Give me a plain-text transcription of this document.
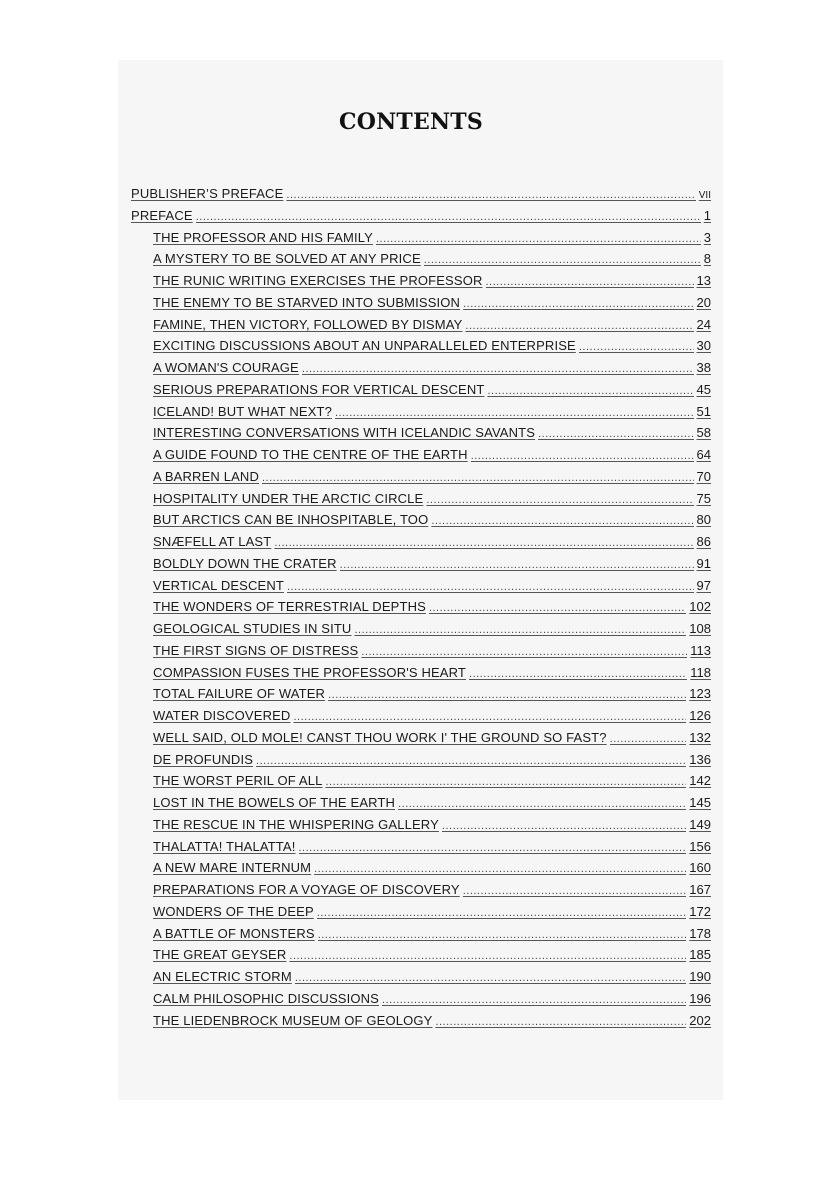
CONTENTS
PUBLISHER’S PREFACE .....	VII
PREFACE .....	1
THE PROFESSOR AND HIS FAMILY .....	3
A MYSTERY TO BE SOLVED AT ANY PRICE .....	8
THE RUNIC WRITING EXERCISES THE PROFESSOR .....	13
THE ENEMY TO BE STARVED INTO SUBMISSION .....	20
FAMINE, THEN VICTORY, FOLLOWED BY DISMAY .....	24
EXCITING DISCUSSIONS ABOUT AN UNPARALLELED ENTERPRISE .....	30
A WOMAN'S COURAGE .....	38
SERIOUS PREPARATIONS FOR VERTICAL DESCENT .....	45
ICELAND! BUT WHAT NEXT? .....	51
INTERESTING CONVERSATIONS WITH ICELANDIC SAVANTS .....	58
A GUIDE FOUND TO THE CENTRE OF THE EARTH .....	64
A BARREN LAND .....	70
HOSPITALITY UNDER THE ARCTIC CIRCLE .....	75
BUT ARCTICS CAN BE INHOSPITABLE, TOO .....	80
SNÆFELL AT LAST .....	86
BOLDLY DOWN THE CRATER .....	91
VERTICAL DESCENT .....	97
THE WONDERS OF TERRESTRIAL DEPTHS .....	102
GEOLOGICAL STUDIES IN SITU .....	108
THE FIRST SIGNS OF DISTRESS .....	113
COMPASSION FUSES THE PROFESSOR'S HEART .....	118
TOTAL FAILURE OF WATER .....	123
WATER DISCOVERED .....	126
WELL SAID, OLD MOLE! CANST THOU WORK I' THE GROUND SO FAST? .....	132
DE PROFUNDIS .....	136
THE WORST PERIL OF ALL .....	142
LOST IN THE BOWELS OF THE EARTH .....	145
THE RESCUE IN THE WHISPERING GALLERY .....	149
THALATTA! THALATTA! .....	156
A NEW MARE INTERNUM .....	160
PREPARATIONS FOR A VOYAGE OF DISCOVERY .....	167
WONDERS OF THE DEEP .....	172
A BATTLE OF MONSTERS .....	178
THE GREAT GEYSER .....	185
AN ELECTRIC STORM .....	190
CALM PHILOSOPHIC DISCUSSIONS .....	196
THE LIEDENBROCK MUSEUM OF GEOLOGY .....	202
